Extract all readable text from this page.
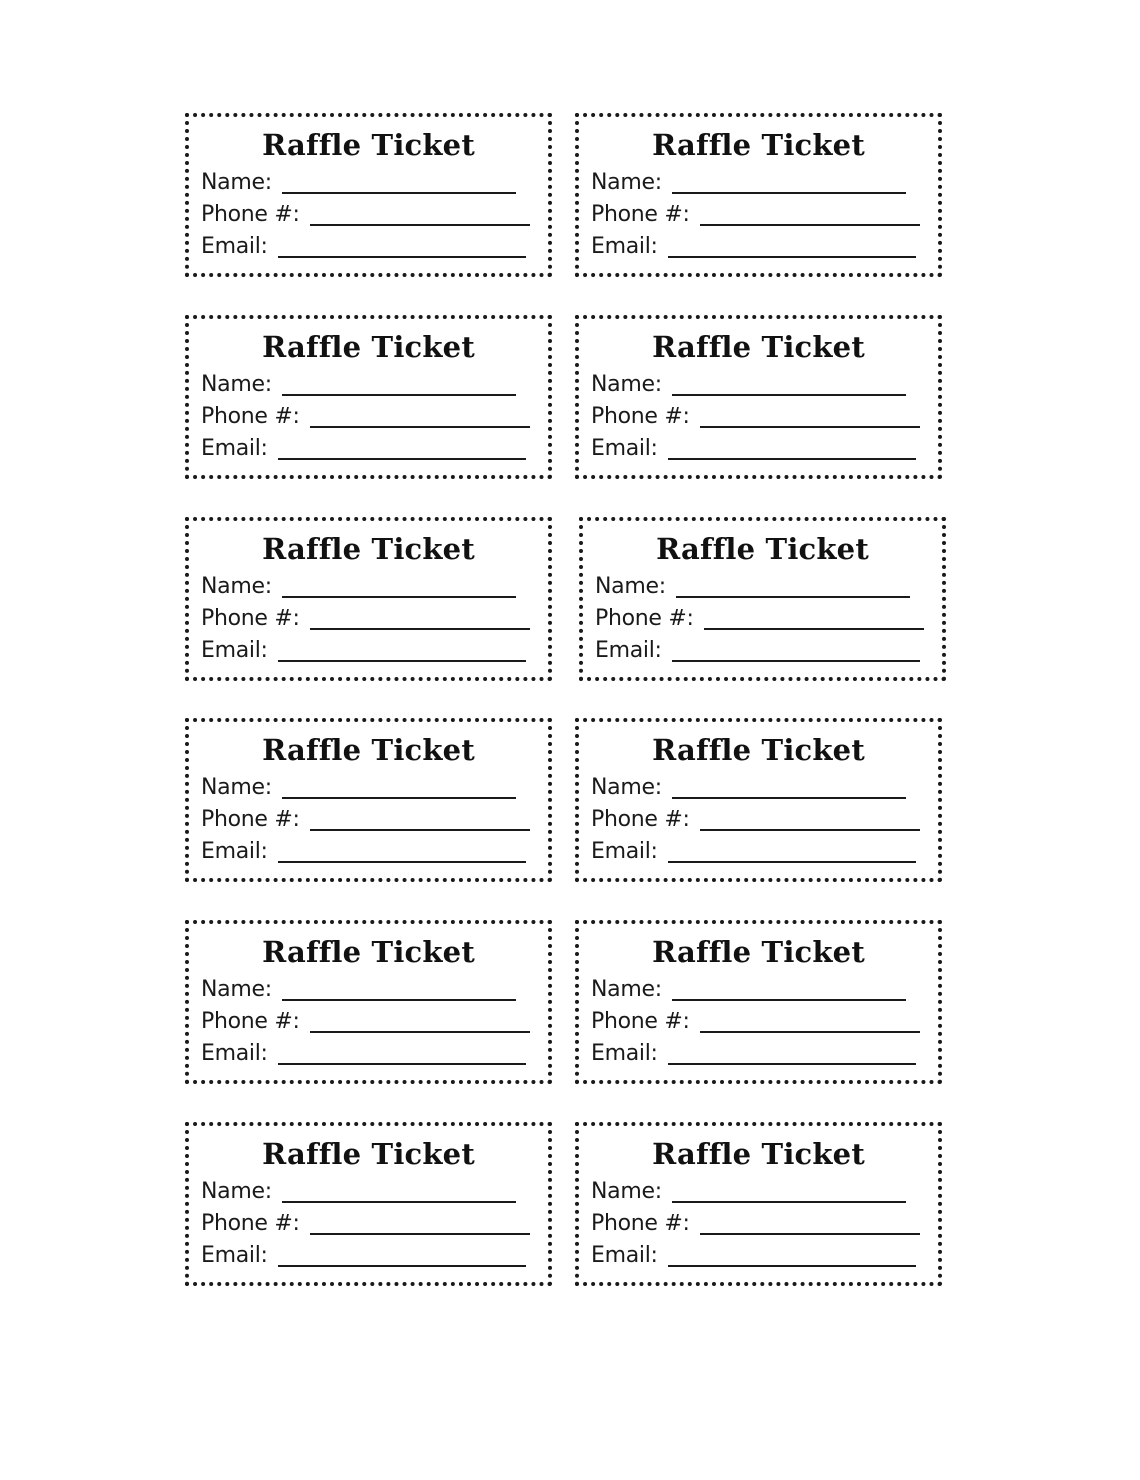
Raffle Ticket
Name:
Phone #:
Email:
Raffle Ticket
Name:
Phone #:
Email:
Raffle Ticket
Name:
Phone #:
Email:
Raffle Ticket
Name:
Phone #:
Email:
Raffle Ticket
Name:
Phone #:
Email:
Raffle Ticket
Name:
Phone #:
Email:
Raffle Ticket
Name:
Phone #:
Email:
Raffle Ticket
Name:
Phone #:
Email:
Raffle Ticket
Name:
Phone #:
Email:
Raffle Ticket
Name:
Phone #:
Email:
Raffle Ticket
Name:
Phone #:
Email:
Raffle Ticket
Name:
Phone #:
Email:
